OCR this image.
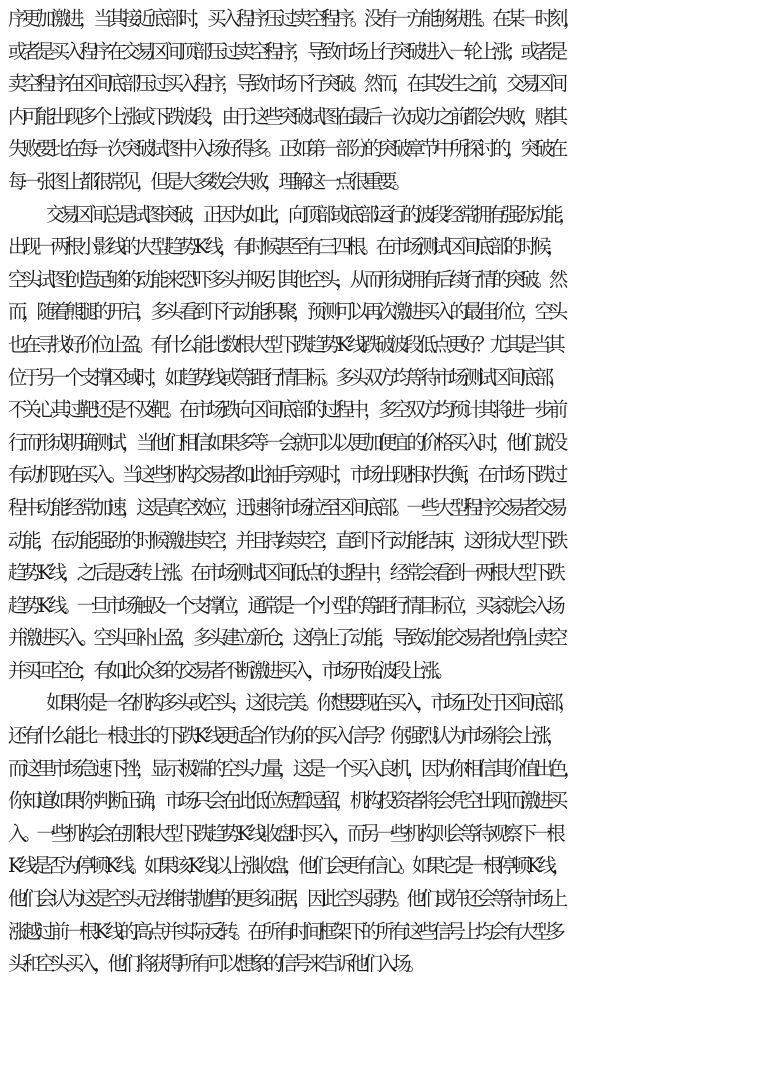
序更加激进，当其接近底部时，买入程序压过卖空程序。没有一方能够获胜。在某一时刻，
或者是买入程序在交易区间顶部压过卖空程序，导致市场上行突破进入一轮上涨；或者是
卖空程序在区间底部压过买入程序，导致市场下行突破。然而，在其发生之前，交易区间
内可能出现多个上涨或下跌波段，由于这些突破试图在最后一次成功之前都会失败，赌其
失败要比在每一次突破试图中入场好得多。正如第一部分的突破章节中所探讨的，突破在
每一张图上都很常见，但是大多数会失败，理解这一点很重要。
交易区间总是试图突破，正因为如此，向顶部或底部运行的波段经常拥有强劲动能，
出现一两根小影线的大型趋势 K 线，有时候甚至有三四根。在市场测试区间底部的时候，
空头试图创造足够的动能来恐吓多头并吸引其他空头，从而形成拥有后续行情的突破。然
而，随着熊腿的开启，多头看到下行动能积聚，预测可以再次激进买入的最佳价位，空头
也在寻找好价位止盈。有什么能比数根大型下跌趋势 K 线跌破波段低点更好？尤其是当其
位于另一个支撑区域时，如趋势线或等距行情目标。多头双方均等待市场测试区间底部，
不关心其过靶还是不及靶。在市场跌向区间底部的过程中，多空双方均预计其将进一步前
行而形成明确测试，当他们相信如果多等一会就可以以更加便宜的价格买入时，他们就没
有动机现在买入。当这些机构交易者如此袖手旁观时，市场出现相对失衡，在市场下跌过
程中动能经常加速，这是真空效应，迅速将市场拉至区间底部。一些大型程序交易者交易
动能，在动能强劲的时候激进卖空，并且持续卖空，直到下行动能结束，这形成大型下跌
趋势 K 线，之后是反转上涨。在市场测试区间低点的过程中，经常会看到一两根大型下跌
趋势 K 线。一旦市场触及一个支撑位，通常是一个小型的等距行情目标位，买家就会入场
并激进买入。空头回补止盈，多头建立新仓，这停止了动能，导致动能交易者也停止卖空
并买回空仓，有如此众多的交易者不断激进买入，市场开始波段上涨。
如果你是一名机构多头或空头，这很完美。你想要现在买入，市场正处于区间底部，
还有什么能比一根过长的下跌 K 线更适合作为你的买入信号？你强烈认为市场将会上涨，
而这里市场急速下挫，显示极端的空头力量，这是一个买入良机，因为你相信其价值出色，
你知道如果你判断正确，市场只会在此低位短暂逗留，机构投资者将会凭空出现而激进买
入。一些机构会在那根大型下跌趋势 K 线收盘时买入，而另一些机构则会等待观察下一根
K 线是否为停顿 K 线。如果该 K 线以上涨收盘，他们会更有信心。如果它是一根停顿 K 线，
他们会认为这是空头无法维持抛售的更多证据，因此空头弱势。他们或许还会等待市场上
涨越过前一根 K 线的高点并实际反转。在所有时间框架下的所有这些信号上均会有大型多
头和空头买入，他们将获得所有可以想象的信号来告诉他们入场。
